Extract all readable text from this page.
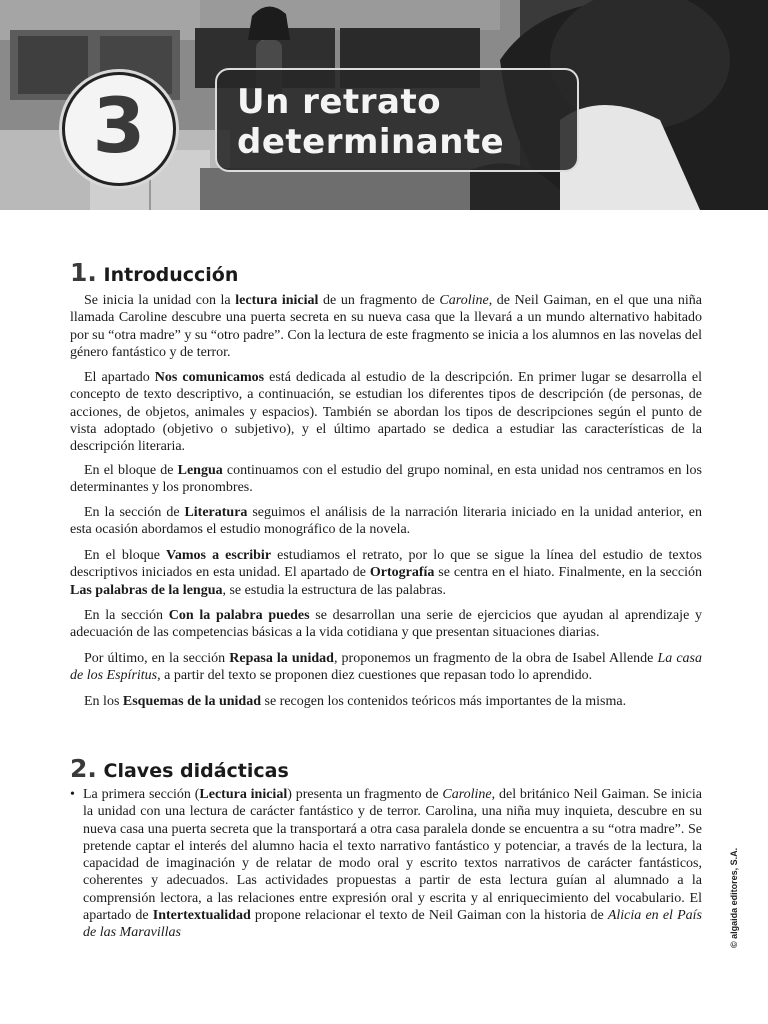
3	Un retrato
determinante
1. Introducción

Se inicia la unidad con la lectura inicial de un fragmento de Caroline, de Neil Gaiman, en el que una niña llamada Caroline descubre una puerta secreta en su nueva casa que la llevará a un mundo alternativo habitado por su “otra madre” y su “otro padre”. Con la lectura de este fragmento se inicia a los alumnos en las novelas del género fantástico y de terror.

El apartado Nos comunicamos está dedicada al estudio de la descripción. En primer lugar se desarrolla el concepto de texto descriptivo, a continuación, se estudian los diferentes tipos de descripción (de personas, de acciones, de objetos, animales y espacios). También se abordan los tipos de descripciones según el punto de vista adoptado (objetivo o subjetivo), y el último apartado se dedica a estudiar las características de la descripción literaria.

En el bloque de Lengua continuamos con el estudio del grupo nominal, en esta unidad nos centramos en los determinantes y los pronombres.

En la sección de Literatura seguimos el análisis de la narración literaria iniciado en la unidad anterior, en esta ocasión abordamos el estudio monográfico de la novela.

En el bloque Vamos a escribir estudiamos el retrato, por lo que se sigue la línea del estudio de textos descriptivos iniciados en esta unidad. El apartado de Ortografía se centra en el hiato. Finalmente, en la sección Las palabras de la lengua, se estudia la estructura de las palabras.

En la sección Con la palabra puedes se desarrollan una serie de ejercicios que ayudan al aprendizaje y adecuación de las competencias básicas a la vida cotidiana y que presentan situaciones diarias.

Por último, en la sección Repasa la unidad, proponemos un fragmento de la obra de Isabel Allende La casa de los Espíritus, a partir del texto se proponen diez cuestiones que repasan todo lo aprendido.

En los Esquemas de la unidad se recogen los contenidos teóricos más importantes de la misma.

2. Claves didácticas
• La primera sección (Lectura inicial) presenta un fragmento de Caroline, del británico Neil Gaiman. Se inicia la unidad con una lectura de carácter fantástico y de terror. Carolina, una niña muy inquieta, descubre en su nueva casa una puerta secreta que la transportará a otra casa paralela donde se encuentra a su “otra madre”. Se pretende captar el interés del alumno hacia el texto narrativo fantástico y potenciar, a través de la lectura, la capacidad de imaginación y de relatar de modo oral y escrito textos narrativos de carácter fantásticos, coherentes y adecuados. Las actividades propuestas a partir de esta lectura guían al alumnado a la comprensión lectora, a las relaciones entre expresión oral y escrita y al enriquecimiento del vocabulario. El apartado de Intertextualidad propone relacionar el texto de Neil Gaiman con la historia de Alicia en el País de las Maravillas	© algaida editores, S.A.
